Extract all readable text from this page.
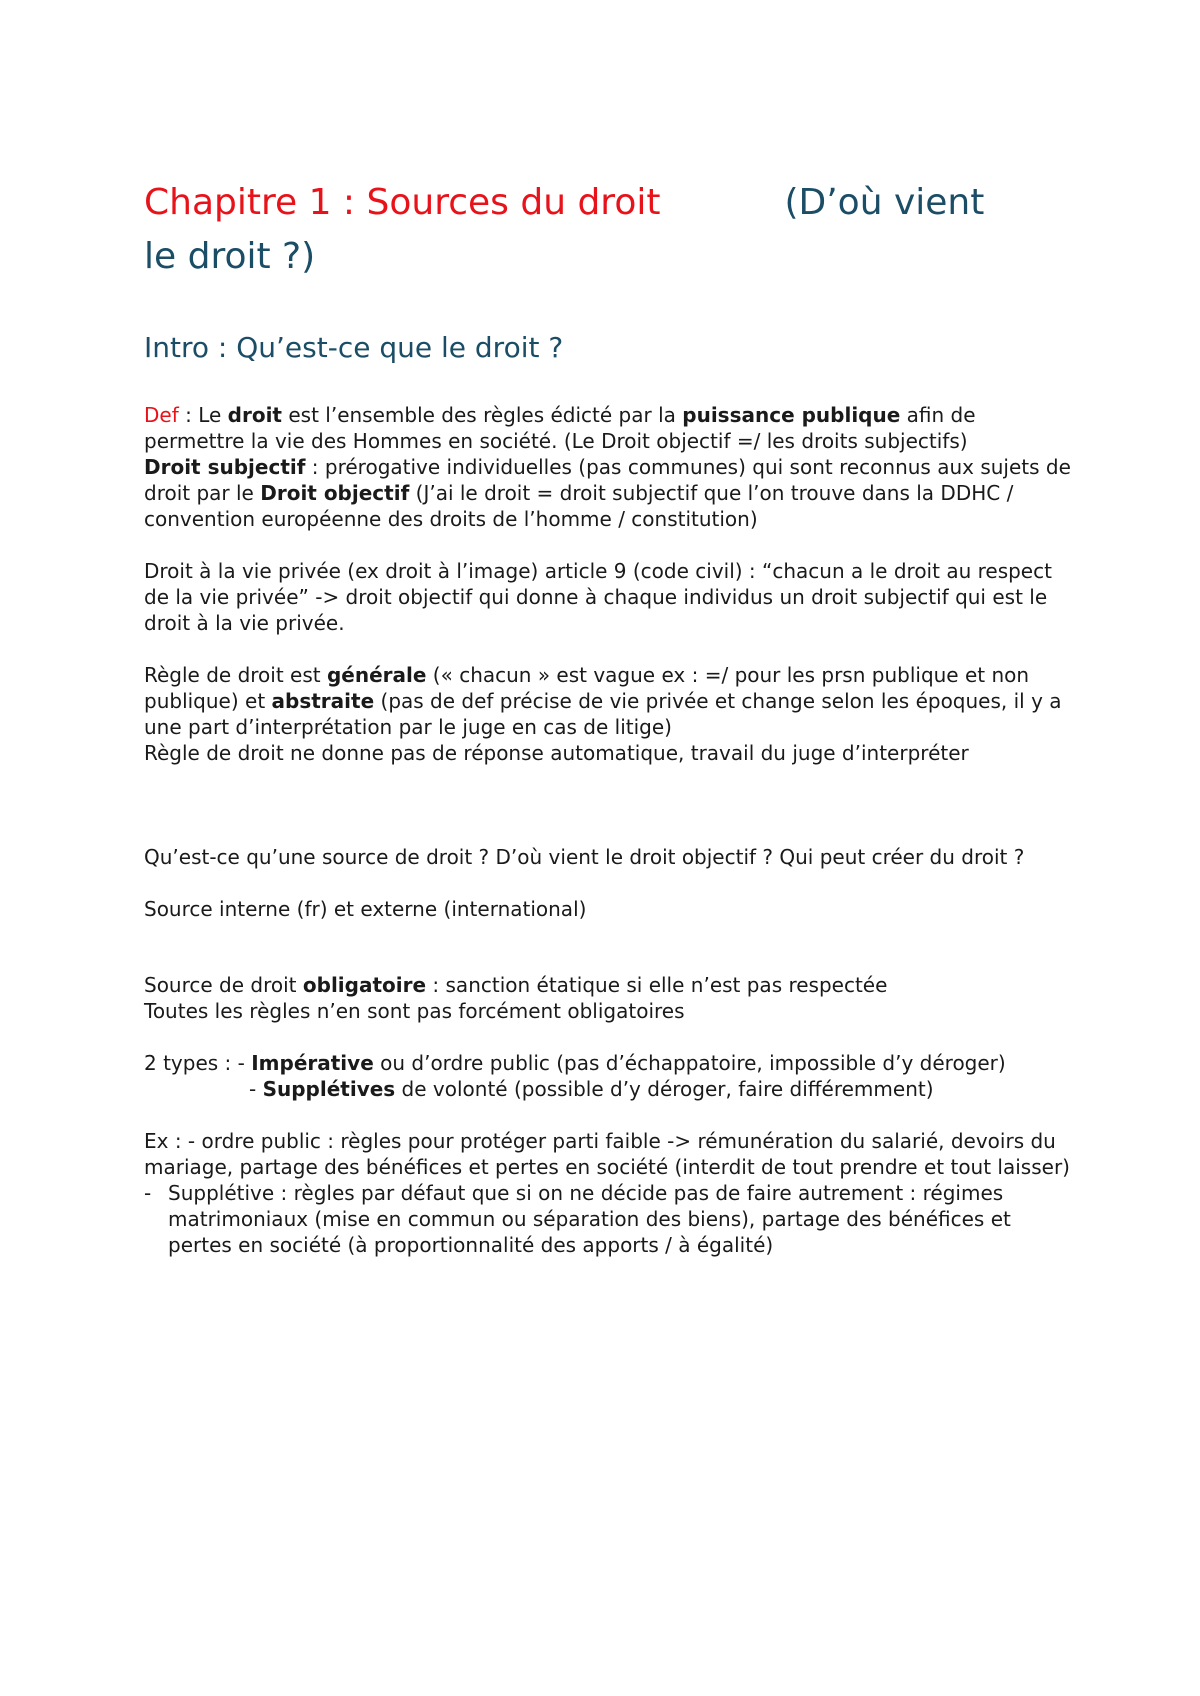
Chapitre 1 : Sources du droit	(D’où vient le droit ?)
Intro : Qu’est-ce que le droit ?

Def : Le droit est l’ensemble des règles édicté par la puissance publique afin de permettre la vie des Hommes en société. (Le Droit objectif =/ les droits subjectifs)

Droit subjectif : prérogative individuelles (pas communes) qui sont reconnus aux sujets de droit par le Droit objectif (J’ai le droit = droit subjectif que l’on trouve dans la DDHC / convention européenne des droits de l’homme / constitution)

Droit à la vie privée (ex droit à l’image) article 9 (code civil) : “chacun a le droit au respect de la vie privée” -> droit objectif qui donne à chaque individus un droit subjectif qui est le droit à la vie privée.

Règle de droit est générale (« chacun » est vague ex : =/ pour les prsn publique et non publique) et abstraite (pas de def précise de vie privée et change selon les époques, il y a une part d’interprétation par le juge en cas de litige)

Règle de droit ne donne pas de réponse automatique, travail du juge d’interpréter

Qu’est-ce qu’une source de droit ? D’où vient le droit objectif ? Qui peut créer du droit ?

Source interne (fr) et externe (international)

Source de droit obligatoire : sanction étatique si elle n’est pas respectée

Toutes les règles n’en sont pas forcément obligatoires

2 types : - Impérative ou d’ordre public (pas d’échappatoire, impossible d’y déroger)

- Supplétives de volonté (possible d’y déroger, faire différemment)

Ex : - ordre public : règles pour protéger parti faible -> rémunération du salarié, devoirs du mariage, partage des bénéfices et pertes en société (interdit de tout prendre et tout laisser)

- Supplétive : règles par défaut que si on ne décide pas de faire autrement : régimes matrimoniaux (mise en commun ou séparation des biens), partage des bénéfices et pertes en société (à proportionnalité des apports / à égalité)
